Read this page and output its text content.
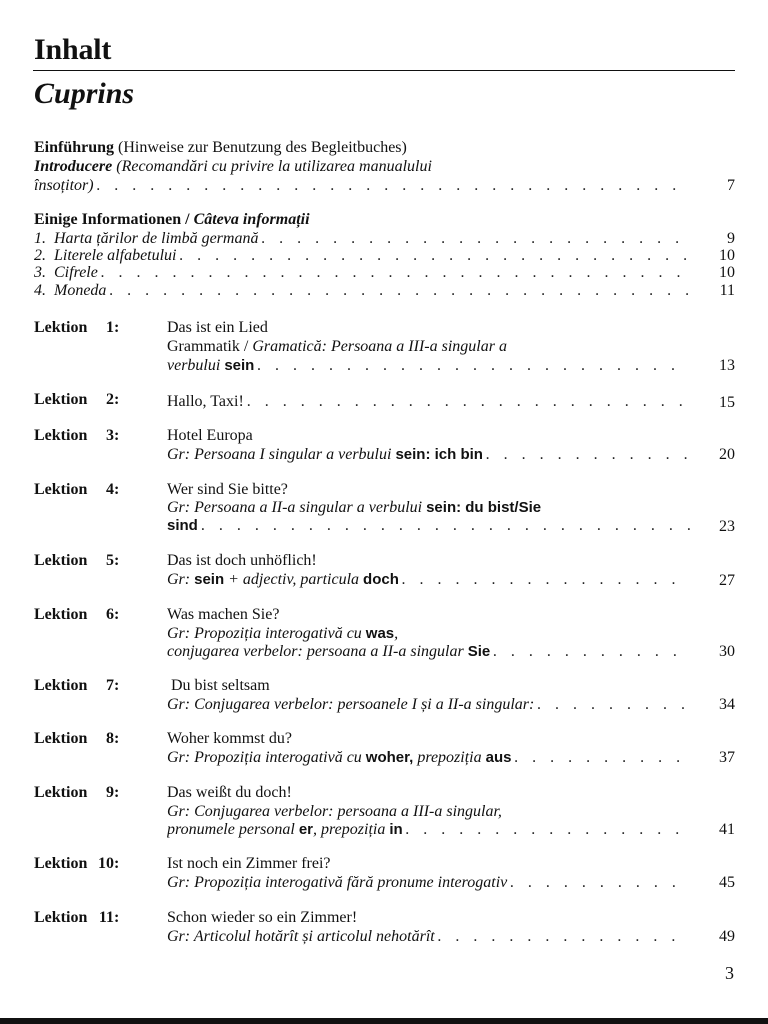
Inhalt
Cuprins
Einführung (Hinweise zur Benutzung des Begleitbuches)
Introducere (Recomandări cu privire la utilizarea manualului
însoțitor) . . .	7
Einige Informationen / Câteva informații
1. Harta țărilor de limbă germană . . .	9
2. Literele alfabetului . . .	10
3. Cifrele . . .	10
4. Moneda . . .	11
Lektion 1:	Das ist ein Lied
Grammatik / Gramatică: Persoana a III-a singular a
verbului sein . . .	13
Lektion 2:	Hallo, Taxi! . . .	15
Lektion 3:	Hotel Europa
Gr: Persoana I singular a verbului sein: ich bin . . .	20
Lektion 4:	Wer sind Sie bitte?
Gr: Persoana a II-a singular a verbului sein: du bist/Sie
sind . . .	23
Lektion 5:	Das ist doch unhöflich!
Gr: sein + adjectiv, particula doch . . .	27
Lektion 6:	Was machen Sie?
Gr: Propoziția interogativă cu was,
conjugarea verbelor: persoana a II-a singular Sie . . .	30
Lektion 7:	Du bist seltsam
Gr: Conjugarea verbelor: persoanele I și a II-a singular: . . .	34
Lektion 8:	Woher kommst du?
Gr: Propoziția interogativă cu woher, prepoziția aus . . .	37
Lektion 9:	Das weißt du doch!
Gr: Conjugarea verbelor: persoana a III-a singular,
pronumele personal er, prepoziția in . . .	41
Lektion 10:	Ist noch ein Zimmer frei?
Gr: Propoziția interogativă fără pronume interogativ . . .	45
Lektion 11:	Schon wieder so ein Zimmer!
Gr: Articolul hotărît și articolul nehotărît . . .	49
3
